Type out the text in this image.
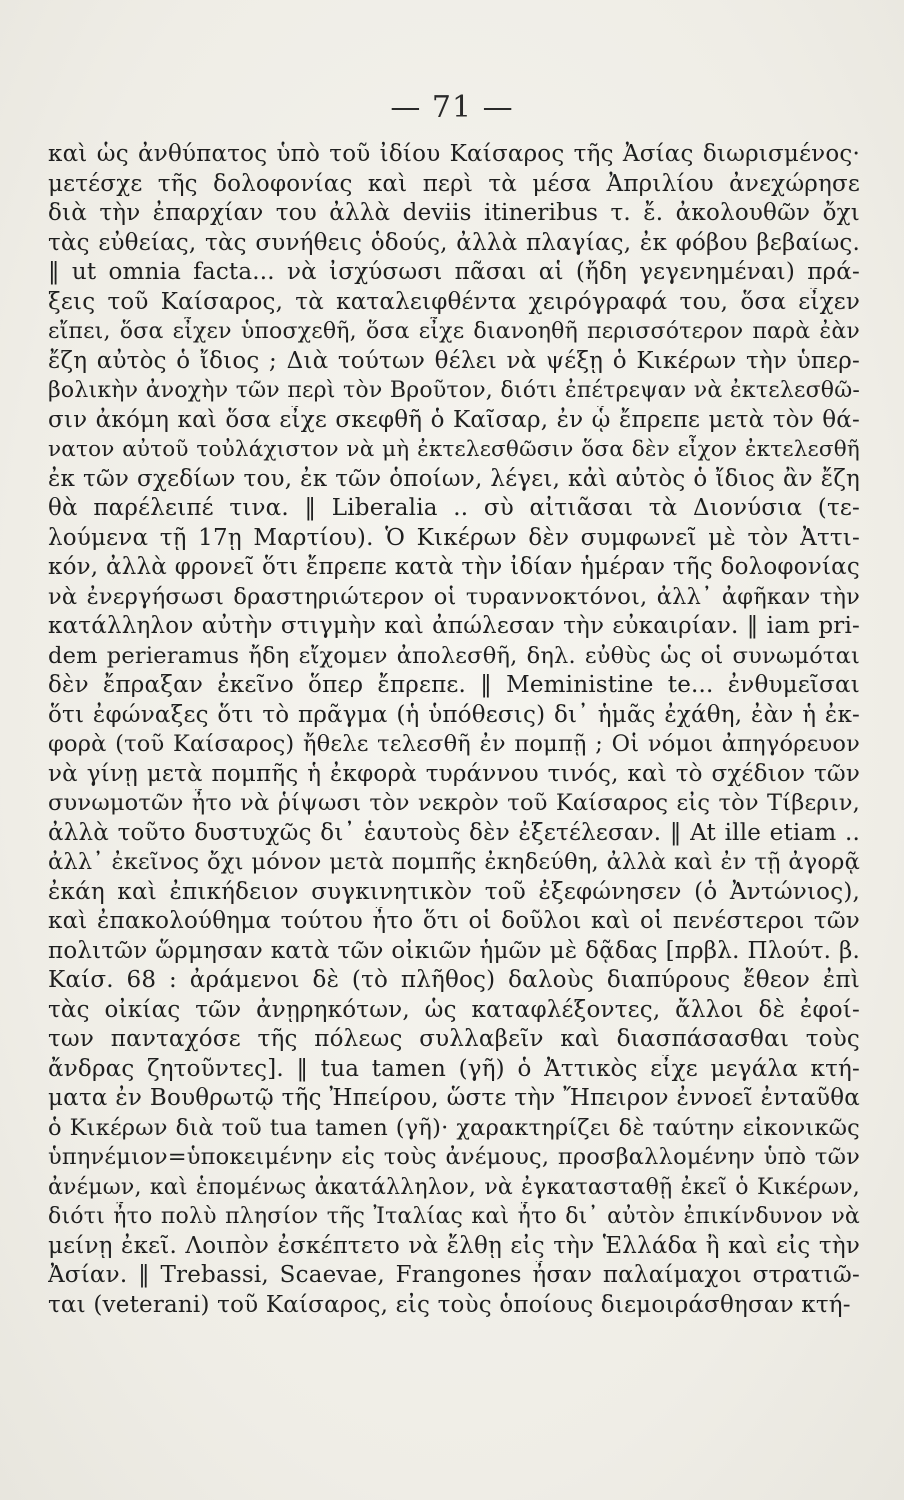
— 71 —
καὶ ὡς ἀνθύπατος ὑπὸ τοῦ ἰδίου Καίσαρος τῆς Ἀσίας διωρισμένος·
μετέσχε τῆς δολοφονίας καὶ περὶ τὰ μέσα Ἀπριλίου ἀνεχώρησε
διὰ τὴν ἐπαρχίαν του ἀλλὰ deviis itineribus τ. ἔ. ἀκολουθῶν ὄχι
τὰς εὐθείας, τὰς συνήθεις ὁδούς, ἀλλὰ πλαγίας, ἐκ φόβου βεβαίως.
‖ ut omnia facta... νὰ ἰσχύσωσι πᾶσαι αἱ (ἤδη γεγενημέναι) πρά-
ξεις τοῦ Καίσαρος, τὰ καταλειφθέντα χειρόγραφά του, ὅσα εἶχεν
εἴπει, ὅσα εἶχεν ὑποσχεθῆ, ὅσα εἶχε διανοηθῆ περισσότερον παρὰ ἐὰν
ἔζη αὐτὸς ὁ ἴδιος ; Διὰ τούτων θέλει νὰ ψέξῃ ὁ Κικέρων τὴν ὑπερ-
βολικὴν ἀνοχὴν τῶν περὶ τὸν Βροῦτον, διότι ἐπέτρεψαν νὰ ἐκτελεσθῶ-
σιν ἀκόμη καὶ ὅσα εἶχε σκεφθῆ ὁ Καῖσαρ, ἐν ᾧ ἔπρεπε μετὰ τὸν θά-
νατον αὐτοῦ τοὐλάχιστον νὰ μὴ ἐκτελεσθῶσιν ὅσα δὲν εἶχον ἐκτελεσθῆ
ἐκ τῶν σχεδίων του, ἐκ τῶν ὁποίων, λέγει, κἀὶ αὐτὸς ὁ ἴδιος ἂν ἔζη
θὰ παρέλειπέ τινα. ‖ Liberalia .. σὺ αἰτιᾶσαι τὰ Διονύσια (τε-
λούμενα τῇ 17ῃ Μαρτίου). Ὁ Κικέρων δὲν συμφωνεῖ μὲ τὸν Ἀττι-
κόν, ἀλλὰ φρονεῖ ὅτι ἔπρεπε κατὰ τὴν ἰδίαν ἡμέραν τῆς δολοφονίας
νὰ ἐνεργήσωσι δραστηριώτερον οἱ τυραννοκτόνοι, ἀλλ᾿ ἀφῆκαν τὴν
κατάλληλον αὐτὴν στιγμὴν καὶ ἀπώλεσαν τὴν εὐκαιρίαν. ‖ iam pri-
dem perieramus ἤδη εἴχομεν ἀπολεσθῆ, δηλ. εὐθὺς ὡς οἱ συνωμόται
δὲν ἔπραξαν ἐκεῖνο ὅπερ ἔπρεπε. ‖ Meministine te... ἐνθυμεῖσαι
ὅτι ἐφώναξες ὅτι τὸ πρᾶγμα (ἡ ὑπόθεσις) δι᾿ ἡμᾶς ἐχάθη, ἐὰν ἡ ἐκ-
φορὰ (τοῦ Καίσαρος) ἤθελε τελεσθῆ ἐν πομπῇ ; Οἱ νόμοι ἀπηγόρευον
νὰ γίνῃ μετὰ πομπῆς ἡ ἐκφορὰ τυράννου τινός, καὶ τὸ σχέδιον τῶν
συνωμοτῶν ἦτο νὰ ῥίψωσι τὸν νεκρὸν τοῦ Καίσαρος εἰς τὸν Τίβεριν,
ἀλλὰ τοῦτο δυστυχῶς δι᾿ ἑαυτοὺς δὲν ἐξετέλεσαν. ‖ At ille etiam ..
ἀλλ᾿ ἐκεῖνος ὄχι μόνον μετὰ πομπῆς ἐκηδεύθη, ἀλλὰ καὶ ἐν τῇ ἀγορᾷ
ἐκάη καὶ ἐπικήδειον συγκινητικὸν τοῦ ἐξεφώνησεν (ὁ Ἀντώνιος),
καὶ ἐπακολούθημα τούτου ἦτο ὅτι οἱ δοῦλοι καὶ οἱ πενέστεροι τῶν
πολιτῶν ὥρμησαν κατὰ τῶν οἰκιῶν ἡμῶν μὲ δᾷδας [πρβλ. Πλούτ. β.
Καίσ. 68 : ἀράμενοι δὲ (τὸ πλῆθος) δαλοὺς διαπύρους ἔθεον ἐπὶ
τὰς οἰκίας τῶν ἀνῃρηκότων, ὡς καταφλέξοντες, ἄλλοι δὲ ἐφοί-
των πανταχόσε τῆς πόλεως συλλαβεῖν καὶ διασπάσασθαι τοὺς
ἄνδρας ζητοῦντες]. ‖ tua tamen (γῆ) ὁ Ἀττικὸς εἶχε μεγάλα κτή-
ματα ἐν Βουθρωτῷ τῆς Ἠπείρου, ὥστε τὴν Ἤπειρον ἐννοεῖ ἐνταῦθα
ὁ Κικέρων διὰ τοῦ tua tamen (γῆ)· χαρακτηρίζει δὲ ταύτην εἰκονικῶς
ὑπηνέμιον=ὑποκειμένην εἰς τοὺς ἀνέμους, προσβαλλομένην ὑπὸ τῶν
ἀνέμων, καὶ ἑπομένως ἀκατάλληλον, νὰ ἐγκατασταθῇ ἐκεῖ ὁ Κικέρων,
διότι ἦτο πολὺ πλησίον τῆς Ἰταλίας καὶ ἦτο δι᾿ αὐτὸν ἐπικίνδυνον νὰ
μείνῃ ἐκεῖ. Λοιπὸν ἐσκέπτετο νὰ ἔλθῃ εἰς τὴν Ἑλλάδα ἢ καὶ εἰς τὴν
Ἀσίαν. ‖ Trebassi, Scaevae, Frangones ἦσαν παλαίμαχοι στρατιῶ-
ται (veterani) τοῦ Καίσαρος, εἰς τοὺς ὁποίους διεμοιράσθησαν κτή-
